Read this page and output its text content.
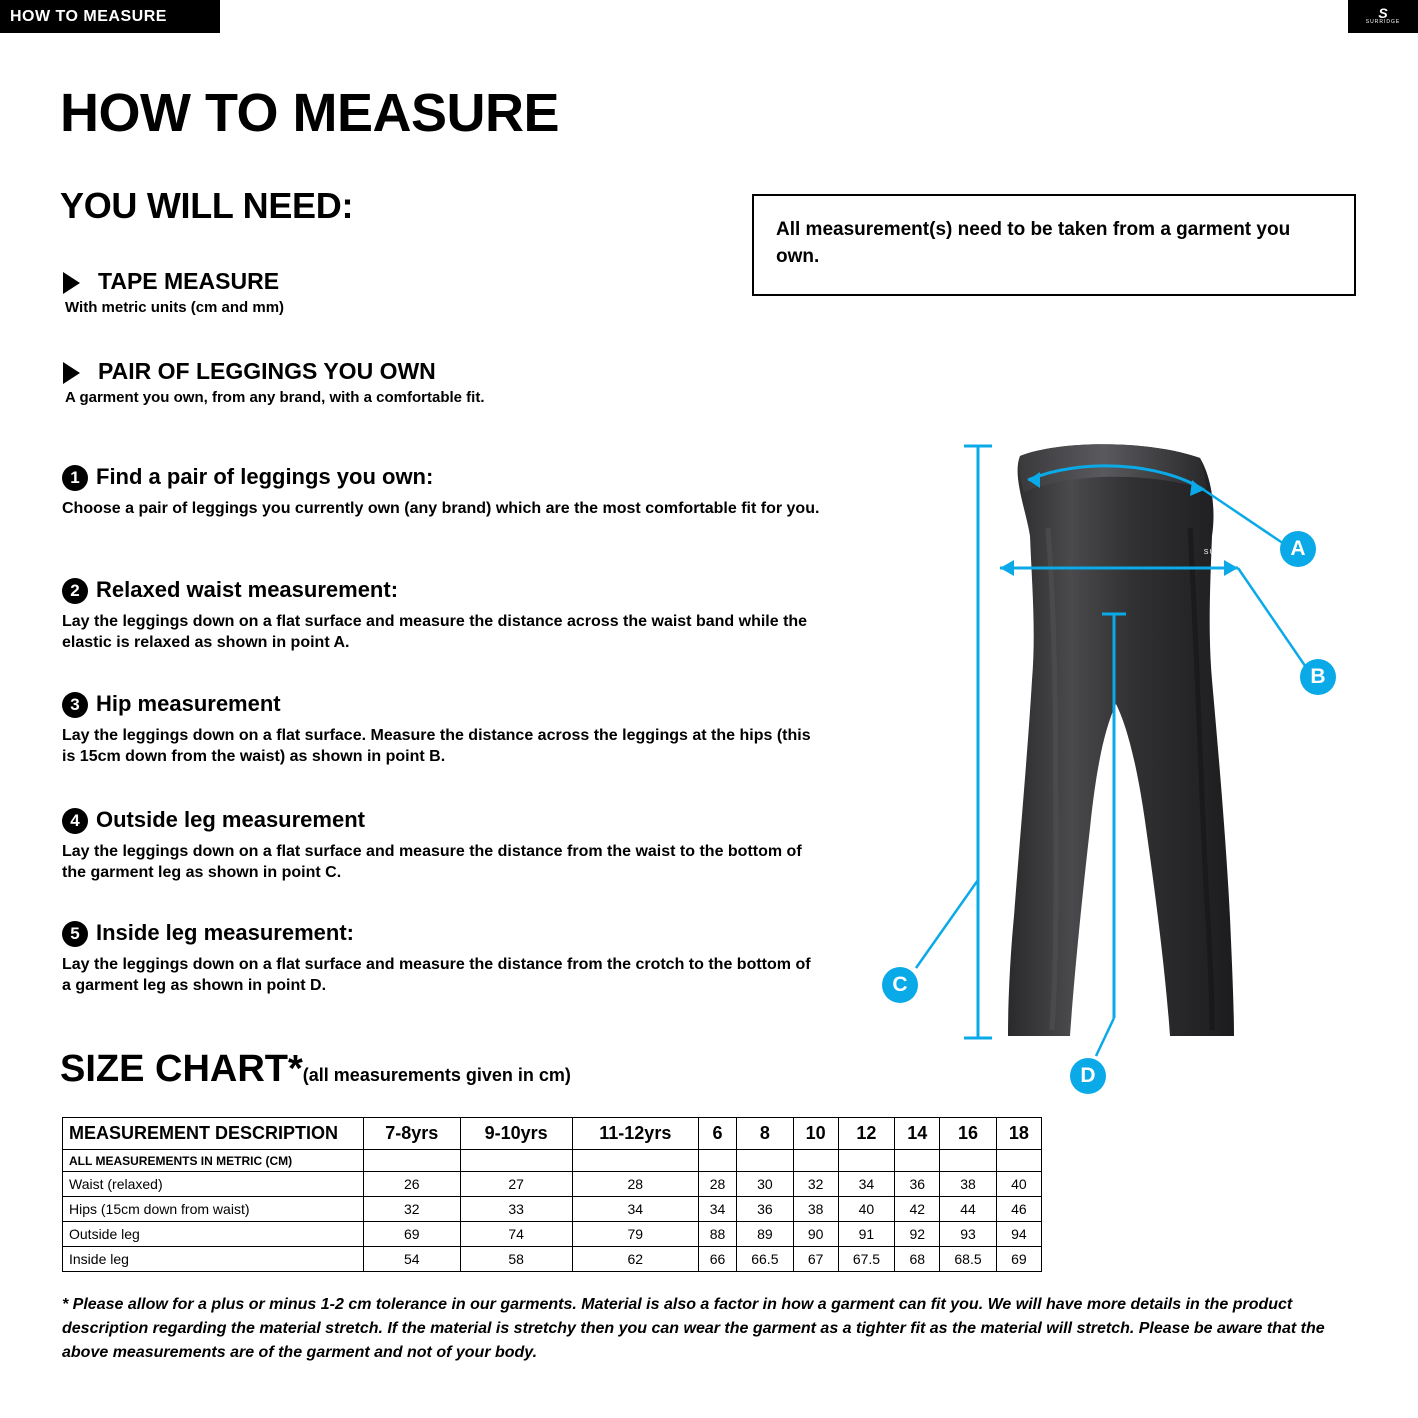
HOW TO MEASURE	S
SURRIDGE
HOW TO MEASURE
YOU WILL NEED:

All measurement(s) need to be taken from a garment you own.

TAPE MEASURE
With metric units (cm and mm)
PAIR OF LEGGINGS YOU OWN
A garment you own, from any brand, with a comfortable fit.
1 Find a pair of leggings you own:
Choose a pair of leggings you currently own (any brand) which are the most comfortable fit for you.
2 Relaxed waist measurement:
Lay the leggings down on a flat surface and measure the distance across the waist band while the elastic is relaxed as shown in point A.
3 Hip measurement
Lay the leggings down on a flat surface. Measure the distance across the leggings at the hips (this is 15cm down from the waist) as shown in point B.
4 Outside leg measurement
Lay the leggings down on a flat surface and measure the distance from the waist to the bottom of the garment leg as shown in point C.
5 Inside leg measurement:
Lay the leggings down on a flat surface and measure the distance from the crotch to the bottom of a garment leg as shown in point D.
S
SURRIDGE	A
B
C
D
SIZE CHART*(all measurements given in cm)
MEASUREMENT DESCRIPTION	7-8yrs	9-10yrs	11-12yrs	6	8	10	12	14	16	18
ALL MEASUREMENTS IN METRIC (CM)										
Waist (relaxed)	26	27	28	28	30	32	34	36	38	40
Hips (15cm down from waist)	32	33	34	34	36	38	40	42	44	46
Outside leg	69	74	79	88	89	90	91	92	93	94
Inside leg	54	58	62	66	66.5	67	67.5	68	68.5	69
* Please allow for a plus or minus 1-2 cm tolerance in our garments. Material is also a factor in how a garment can fit you. We will have more details in the product description regarding the material stretch. If the material is stretchy then you can wear the garment as a tighter fit as the material will stretch. Please be aware that the above measurements are of the garment and not of your body.
